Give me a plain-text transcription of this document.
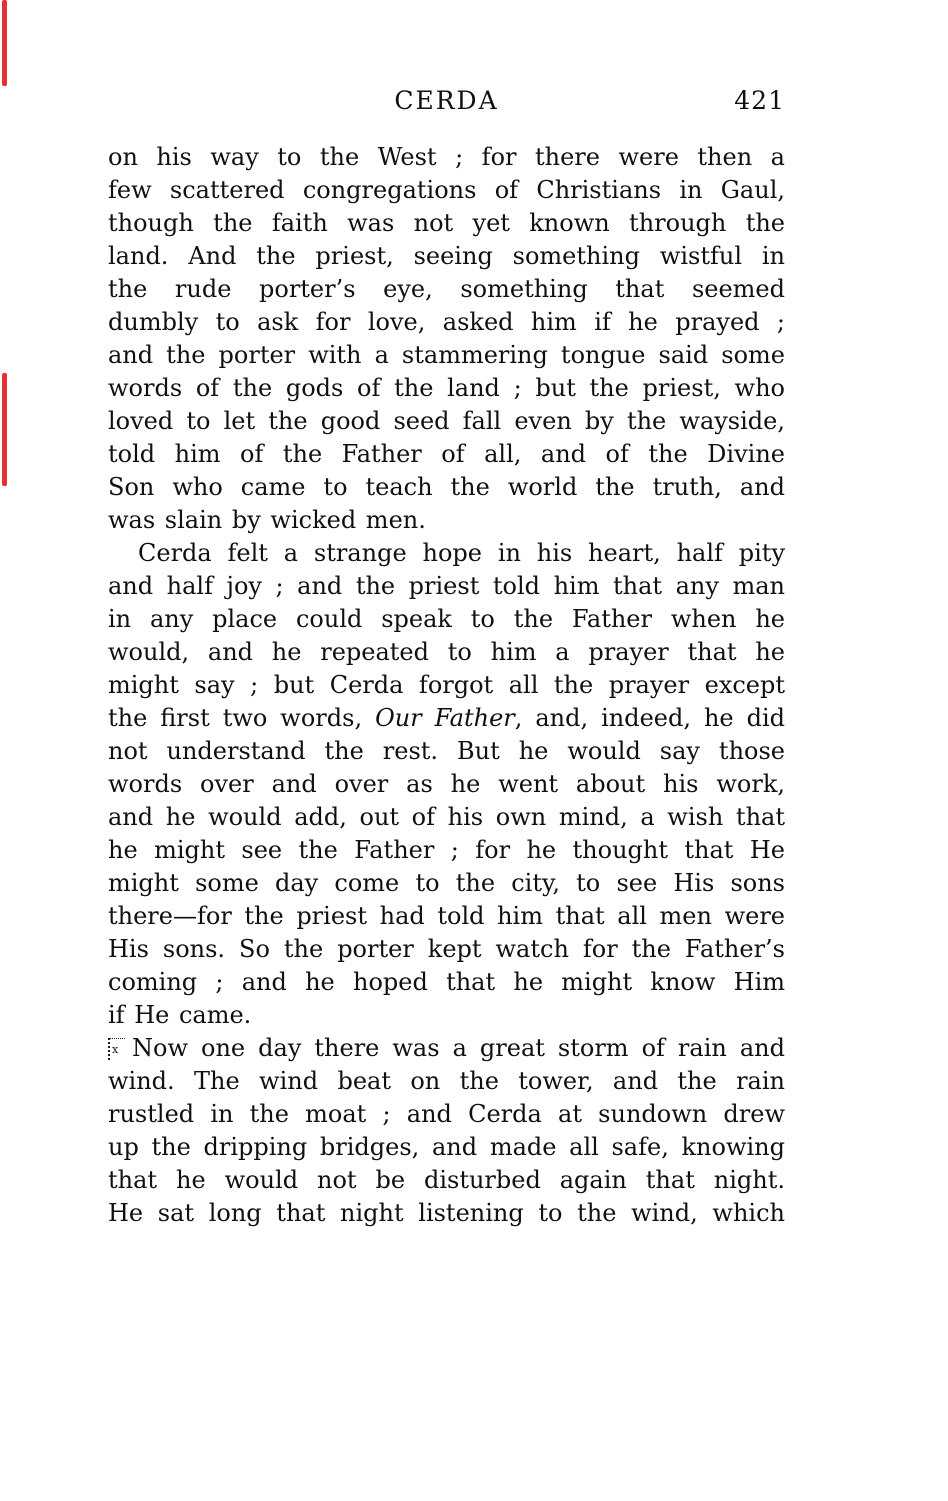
CERDA	421
on his way to the West ; for there were then a
few scattered congregations of Christians in Gaul,
though the faith was not yet known through the
land. And the priest, seeing something wistful in
the rude porter’s eye, something that seemed
dumbly to ask for love, asked him if he prayed ;
and the porter with a stammering tongue said some
words of the gods of the land ; but the priest, who
loved to let the good seed fall even by the wayside,
told him of the Father of all, and of the Divine
Son who came to teach the world the truth, and
was slain by wicked men.
Cerda felt a strange hope in his heart, half pity
and half joy ; and the priest told him that any man
in any place could speak to the Father when he
would, and he repeated to him a prayer that he
might say ; but Cerda forgot all the prayer except
the first two words, Our Father, and, indeed, he did
not understand the rest. But he would say those
words over and over as he went about his work,
and he would add, out of his own mind, a wish that
he might see the Father ; for he thought that He
might some day come to the city, to see His sons
there—for the priest had told him that all men were
His sons. So the porter kept watch for the Father’s
coming ; and he hoped that he might know Him
if He came.
xNow one day there was a great storm of rain and
wind. The wind beat on the tower, and the rain
rustled in the moat ; and Cerda at sundown drew
up the dripping bridges, and made all safe, knowing
that he would not be disturbed again that night.
He sat long that night listening to the wind, which
